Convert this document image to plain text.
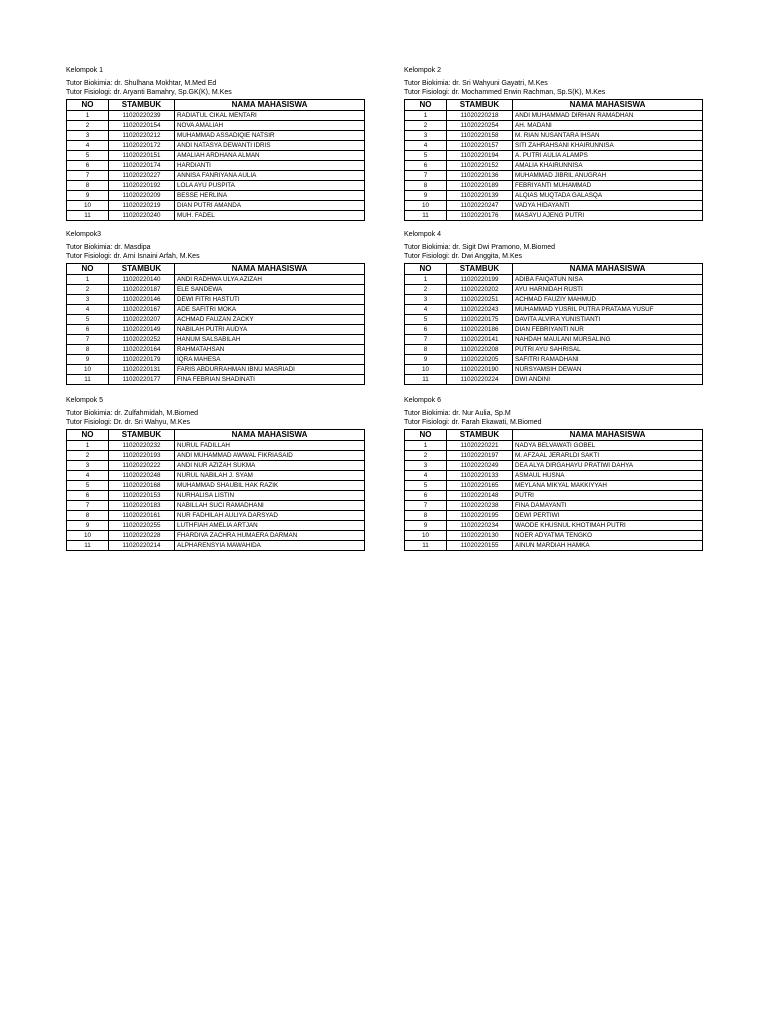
Kelompok 1
Tutor Biokimia: dr. Shulhana Mokhtar, M.Med Ed
Tutor Fisiologi: dr. Aryanti Bamahry, Sp.GK(K), M.Kes
NO	STAMBUK	NAMA MAHASISWA
1	11020220239	RADIATUL CIKAL MENTARI
2	11020220154	NOVA AMALIAH
3	11020220212	MUHAMMAD ASSADIQIE NATSIR
4	11020220172	ANDI NATASYA DEWANTI IDRIS
5	11020220151	AMALIAH ARDHANA ALMAN
6	11020220174	HARDIANTI
7	11020220227	ANNISA FANRIYANA AULIA
8	11020220192	LOLA AYU PUSPITA
9	11020220209	BESSE HERLINA
10	11020220219	DIAN PUTRI AMANDA
11	11020220240	MUH. FADEL
Kelompok 2
Tutor Biokimia: dr. Sri Wahyuni Gayatri, M.Kes
Tutor Fisiologi: dr. Mochammed Erwin Rachman, Sp.S(K), M.Kes
NO	STAMBUK	NAMA MAHASISWA
1	11020220218	ANDI MUHAMMAD DIRHAN RAMADHAN
2	11020220254	AH. MADANI
3	11020220158	M. RIAN NUSANTARA IHSAN
4	11020220157	SITI ZAHRAHSANI KHAIRUNNISA
5	11020220194	A. PUTRI AULIA ALAMPS
6	11020220152	AMALIA KHAIRUNNISA
7	11020220136	MUHAMMAD JIBRIL ANUGRAH
8	11020220189	FEBRIYANTI MUHAMMAD
9	11020220139	ALQIAS MUQTADA GALASQA
10	11020220247	VADYA HIDAYANTI
11	11020220176	MASAYU AJENG PUTRI
Kelompok3
Tutor Biokimia: dr. Masdipa
Tutor Fisiologi: dr. Arni Isnaini Arfah, M.Kes
NO	STAMBUK	NAMA MAHASISWA
1	11020220140	ANDI RADHWA ULYA AZIZAH
2	11020220187	ELE SANDEWA
3	11020220146	DEWI FITRI HASTUTI
4	11020220167	ADE SAFITRI MOKA
5	11020220207	ACHMAD FAUZAN ZACKY
6	11020220149	NABILAH PUTRI AUDYA
7	11020220252	HANUM SALSABILAH
8	11020220164	RAHMATAHSAN
9	11020220179	IQRA MAHESA
10	11020220131	FARIS ABDURRAHMAN IBNU MASRIADI
11	11020220177	FINA FEBRIAN SHADINATI
Kelompok 4
Tutor Biokimia: dr. Sigit Dwi Pramono, M.Biomed
Tutor Fisiologi: dr. Dwi Anggita, M.Kes
NO	STAMBUK	NAMA MAHASISWA
1	11020220199	ADIBA FAIQATUN NISA
2	11020220202	AYU HARNIDAH RUSTI
3	11020220251	ACHMAD FAUZIY MAHMUD
4	11020220243	MUHAMMAD YUSRIL PUTRA PRATAMA YUSUF
5	11020220175	DAVITA ALVIRA YUNISTIANTI
6	11020220186	DIAN FEBRIYANTI NUR
7	11020220141	NAHDAH MAULANI MURSALING
8	11020220208	PUTRI AYU SAHRISAL
9	11020220205	SAFITRI RAMADHANI
10	11020220190	NURSYAMSIH DEWAN
11	11020220224	DWI ANDINI
Kelompok 5
Tutor Biokimia: dr. Zulfahmidah, M.Biomed
Tutor Fisiologi: Dr. dr. Sri Wahyu, M.Kes
NO	STAMBUK	NAMA MAHASISWA
1	11020220232	NURUL FADILLAH
2	11020220193	ANDI MUHAMMAD AWWAL FIKRIASAID
3	11020220222	ANDI NUR AZIZAH SUKMA
4	11020220248	NURUL NABILAH J. SYAM
5	11020220168	MUHAMMAD SHAUBIL HAK RAZIK
6	11020220153	NURHALISA LISTIN
7	11020220183	NABILLAH SUCI RAMADHANI
8	11020220161	NUR FADHILAH AULIYA DARSYAD
9	11020220255	LUTHFIAH AMELIA ARTJAN
10	11020220228	FHARDIVA ZACHRA HUMAERA DARMAN
11	11020220214	ALPHARENSYIA MAWAHIDA
Kelompok 6
Tutor Biokimia: dr. Nur Aulia, Sp.M
Tutor Fisiologi: dr. Farah Ekawati, M.Biomed
NO	STAMBUK	NAMA MAHASISWA
1	11020220221	NADYA BELVAWATI GOBEL
2	11020220197	M. AFZAAL JERARLDI SAKTI
3	11020220249	DEA ALYA DIRGAHAYU PRATIWI DAHYA
4	11020220133	ASMAUL HUSNA
5	11020220165	MEYLANA MIKYAL MAKKIYYAH
6	11020220148	PUTRI
7	11020220238	FINA DAMAYANTI
8	11020220195	DEWI PERTIWI
9	11020220234	WAODE KHUSNUL KHOTIMAH PUTRI
10	11020220130	NOER ADYATMA TENGKO
11	11020220155	AINUN MARDIAH HAMKA
